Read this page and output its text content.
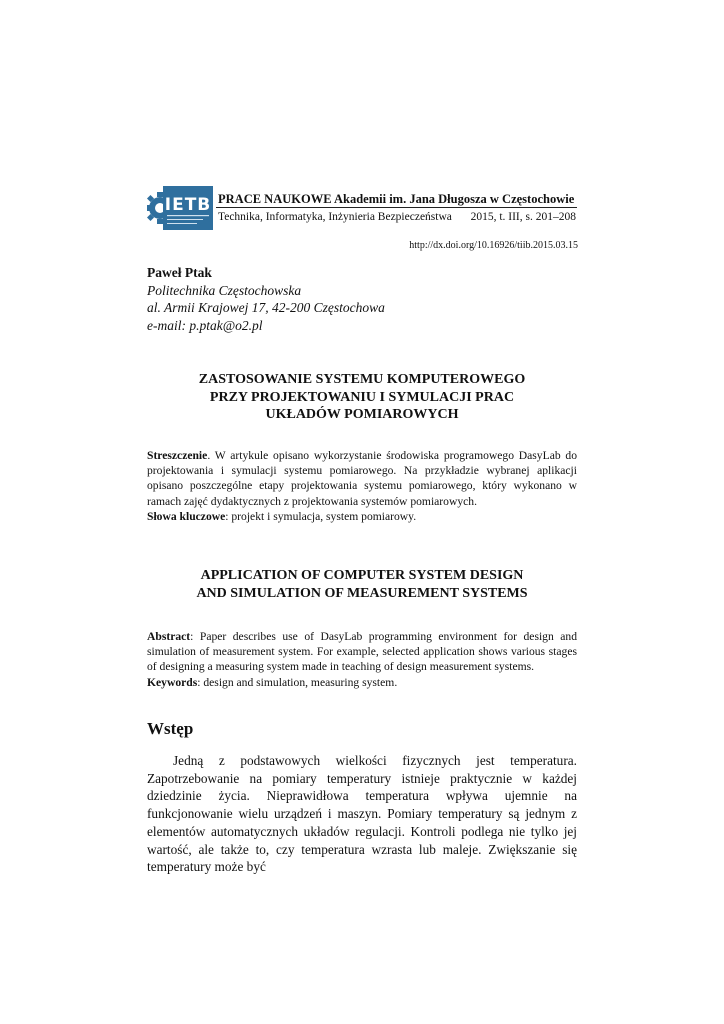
IETB PRACE NAUKOWE Akademii im. Jana Długosza w Częstochowie
Technika, Informatyka, Inżynieria Bezpieczeństwa 2015, t. III, s. 201–208
http://dx.doi.org/10.16926/tiib.2015.03.15
Paweł Ptak
Politechnika Częstochowska
al. Armii Krajowej 17, 42-200 Częstochowa
e-mail: p.ptak@o2.pl
ZASTOSOWANIE SYSTEMU KOMPUTEROWEGO
PRZY PROJEKTOWANIU I SYMULACJI PRAC
UKŁADÓW POMIAROWYCH
Streszczenie. W artykule opisano wykorzystanie środowiska programowego DasyLab do projektowania i symulacji systemu pomiarowego. Na przykładzie wybranej aplikacji opisano poszczególne etapy projektowania systemu pomiarowego, który wykonano w ramach zajęć dydaktycznych z projektowania systemów pomiarowych.
Słowa kluczowe: projekt i symulacja, system pomiarowy.
APPLICATION OF COMPUTER SYSTEM DESIGN
AND SIMULATION OF MEASUREMENT SYSTEMS
Abstract: Paper describes use of DasyLab programming environment for design and simulation of measurement system. For example, selected application shows various stages of designing a measuring system made in teaching of design measurement systems.
Keywords: design and simulation, measuring system.
Wstęp
Jedną z podstawowych wielkości fizycznych jest temperatura. Zapotrzebowanie na pomiary temperatury istnieje praktycznie w każdej dziedzinie życia. Nieprawidłowa temperatura wpływa ujemnie na funkcjonowanie wielu urządzeń i maszyn. Pomiary temperatury są jednym z elementów automatycznych układów regulacji. Kontroli podlega nie tylko jej wartość, ale także to, czy temperatura wzrasta lub maleje. Zwiększanie się temperatury może być
